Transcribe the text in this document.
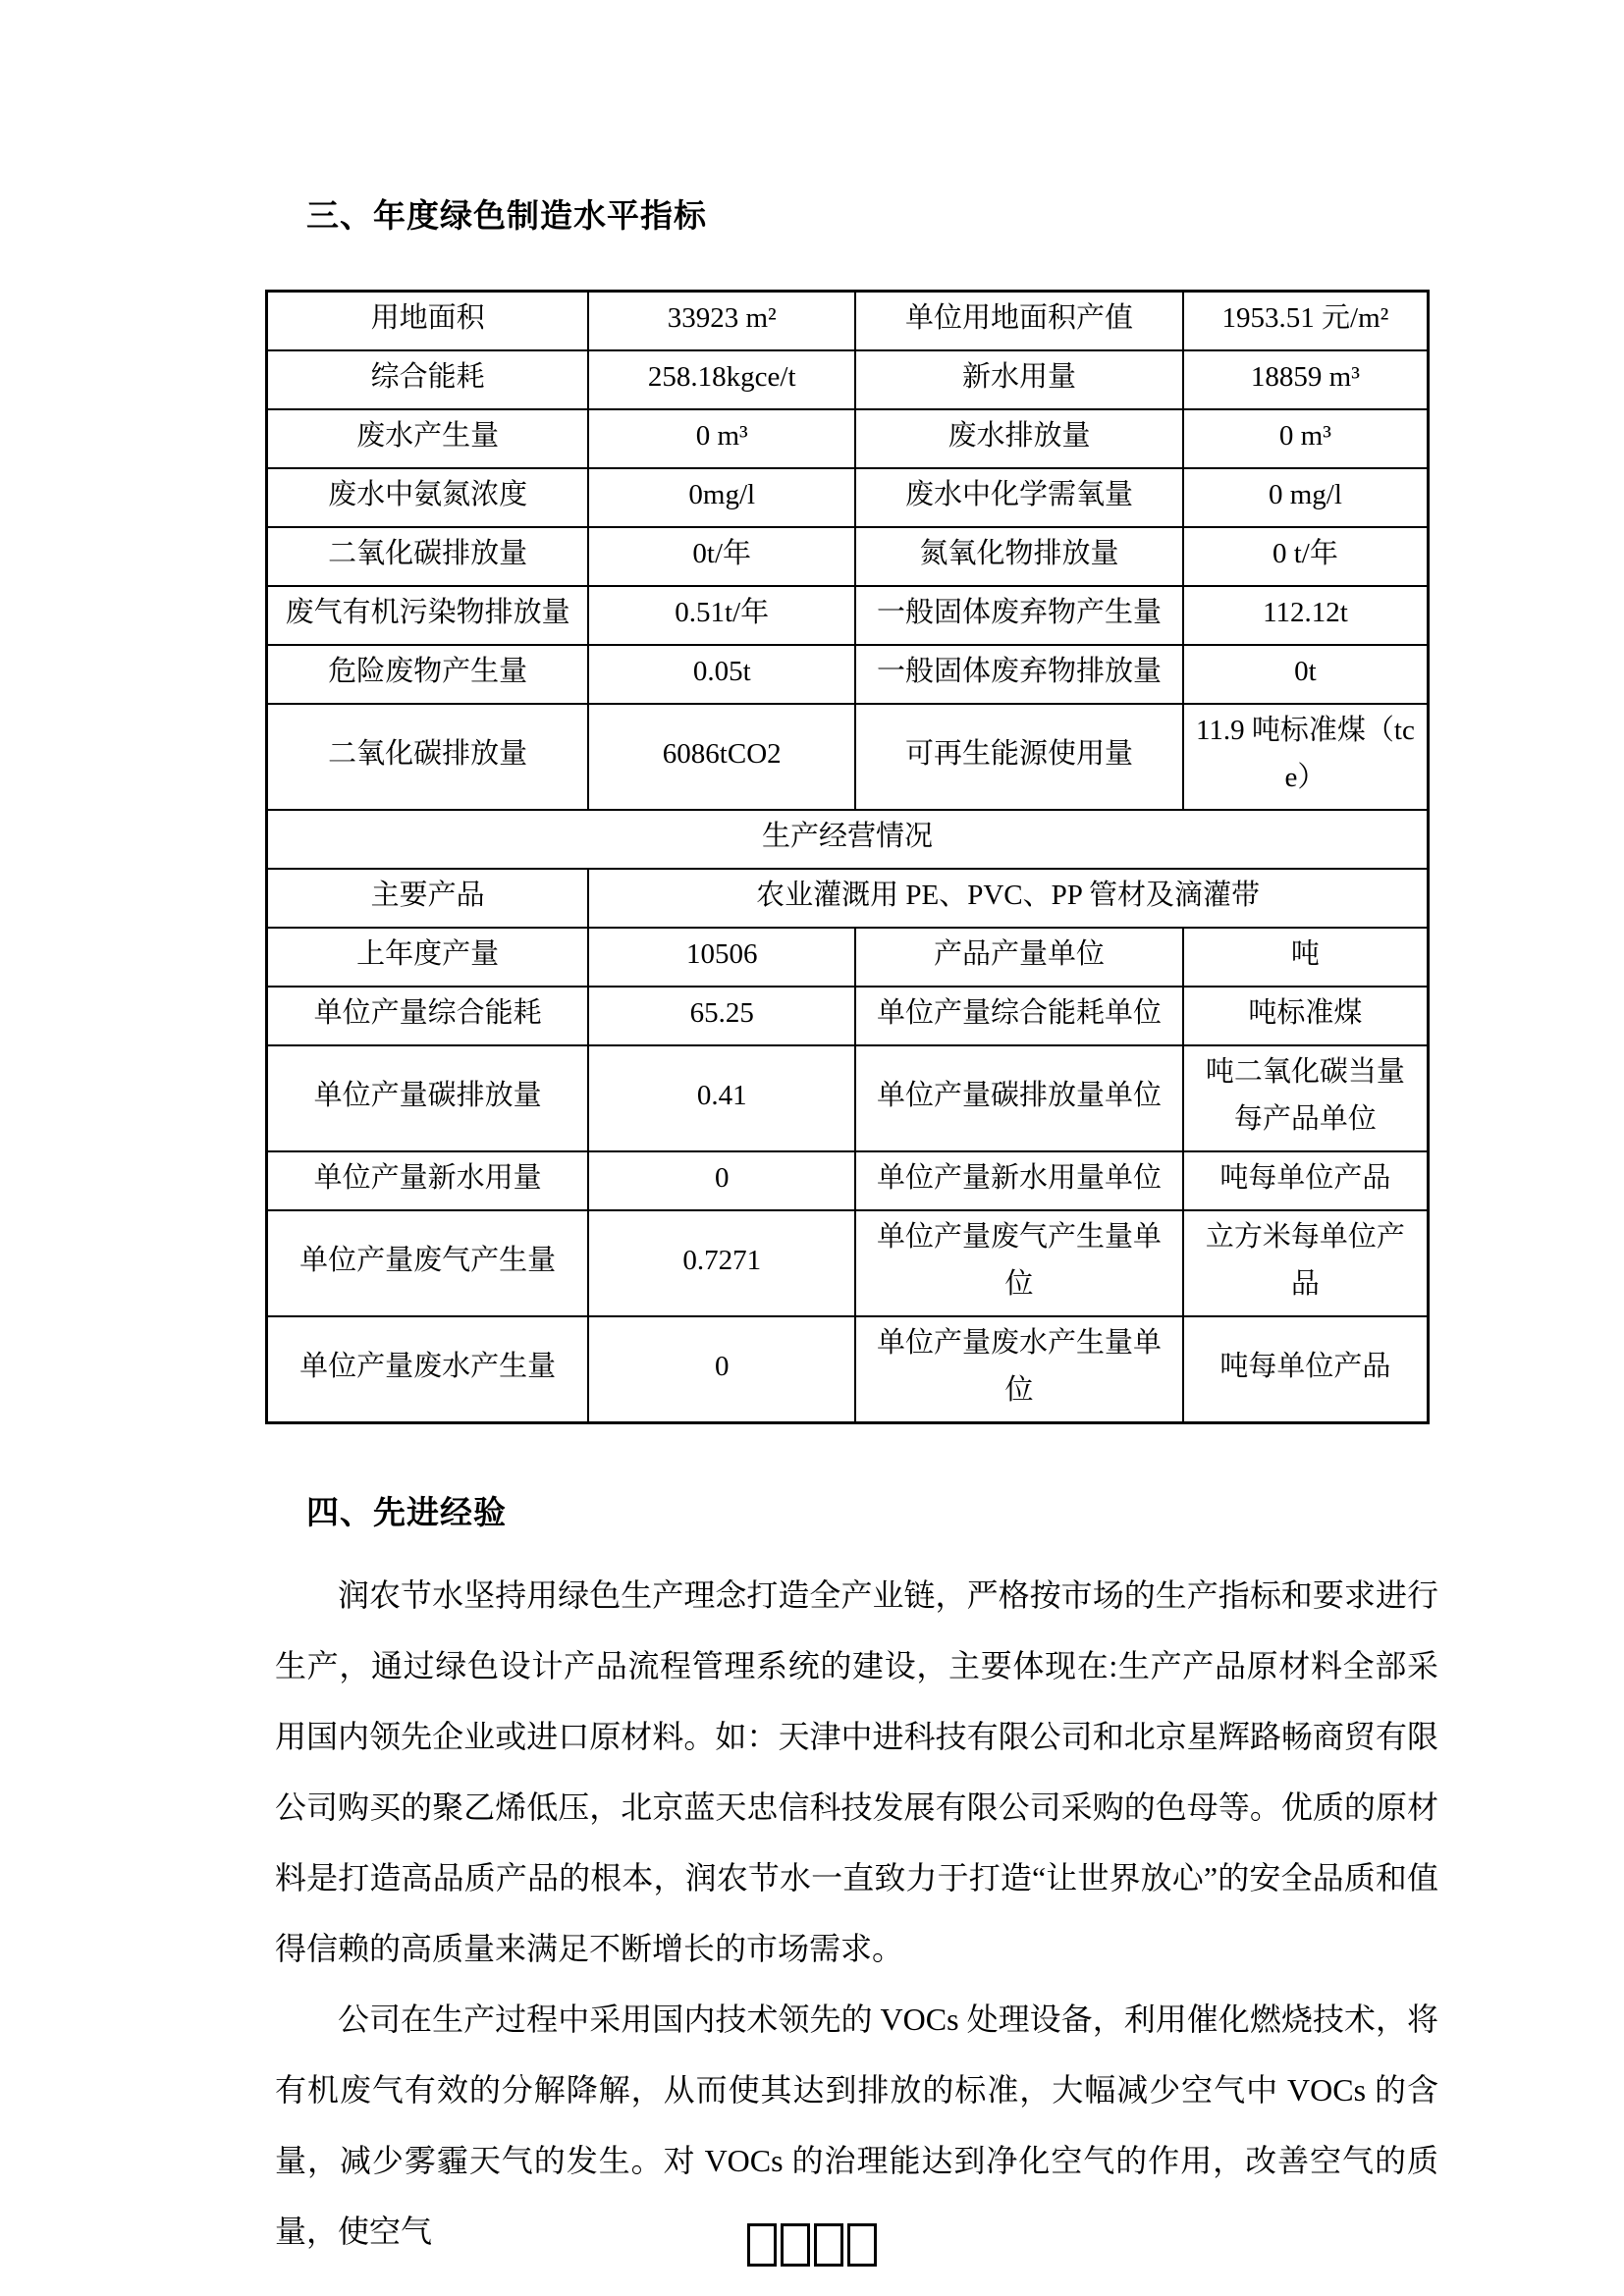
三、年度绿色制造水平指标
用地面积	33923 m²	单位用地面积产值	1953.51 元/m²
综合能耗	258.18kgce/t	新水用量	18859 m³
废水产生量	0 m³	废水排放量	0 m³
废水中氨氮浓度	0mg/l	废水中化学需氧量	0 mg/l
二氧化碳排放量	0t/年	氮氧化物排放量	0 t/年
废气有机污染物排放量	0.51t/年	一般固体废弃物产生量	112.12t
危险废物产生量	0.05t	一般固体废弃物排放量	0t
二氧化碳排放量	6086tCO2	可再生能源使用量	11.9 吨标准煤（tce）
生产经营情况			
主要产品	农业灌溉用 PE、PVC、PP 管材及滴灌带		
上年度产量	10506	产品产量单位	吨
单位产量综合能耗	65.25	单位产量综合能耗单位	吨标准煤
单位产量碳排放量	0.41	单位产量碳排放量单位	吨二氧化碳当量每产品单位
单位产量新水用量	0	单位产量新水用量单位	吨每单位产品
单位产量废气产生量	0.7271	单位产量废气产生量单位	立方米每单位产品
单位产量废水产生量	0	单位产量废水产生量单位	吨每单位产品
四、先进经验

润农节水坚持用绿色生产理念打造全产业链，严格按市场的生产指标和要求进行生产，通过绿色设计产品流程管理系统的建设，主要体现在:生产产品原材料全部采用国内领先企业或进口原材料。如：天津中进科技有限公司和北京星辉路畅商贸有限公司购买的聚乙烯低压，北京蓝天忠信科技发展有限公司采购的色母等。优质的原材料是打造高品质产品的根本，润农节水一直致力于打造“让世界放心”的安全品质和值得信赖的高质量来满足不断增长的市场需求。

公司在生产过程中采用国内技术领先的 VOCs 处理设备，利用催化燃烧技术，将有机废气有效的分解降解，从而使其达到排放的标准，大幅减少空气中 VOCs 的含量，减少雾霾天气的发生。对 VOCs 的治理能达到净化空气的作用，改善空气的质量，使空气
